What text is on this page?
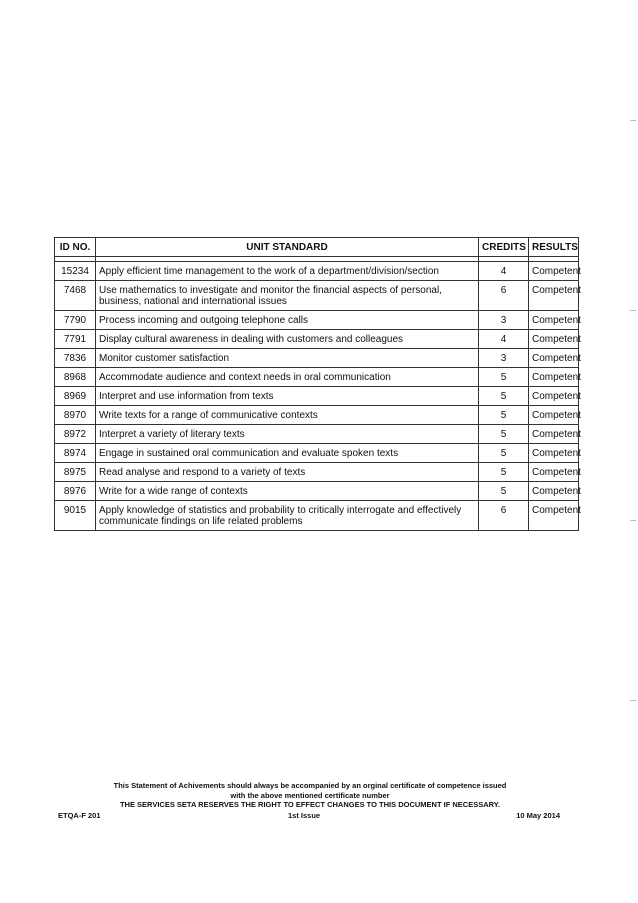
ID NO.	UNIT STANDARD	CREDITS	RESULTS

15234	Apply efficient time management to the work of a department/division/section	4	Competent
7468	Use mathematics to investigate and monitor the financial aspects of personal, business, national and international issues	6	Competent
7790	Process incoming and outgoing telephone calls	3	Competent
7791	Display cultural awareness in dealing with customers and colleagues	4	Competent
7836	Monitor customer satisfaction	3	Competent
8968	Accommodate audience and context needs in oral communication	5	Competent
8969	Interpret and use information from texts	5	Competent
8970	Write texts for a range of communicative contexts	5	Competent
8972	Interpret a variety of literary texts	5	Competent
8974	Engage in sustained oral communication and evaluate spoken texts	5	Competent
8975	Read analyse and respond to a variety of texts	5	Competent
8976	Write for a wide range of contexts	5	Competent
9015	Apply knowledge of statistics and probability to critically interrogate and effectively communicate findings on life related problems	6	Competent
This Statement of Achivements should always be accompanied by an orginal certificate of competence issued
with the above mentioned certificate number
THE SERVICES SETA RESERVES THE RIGHT TO EFFECT CHANGES TO THIS DOCUMENT IF NECESSARY.
ETQA-F 201	1st Issue	10 May 2014
